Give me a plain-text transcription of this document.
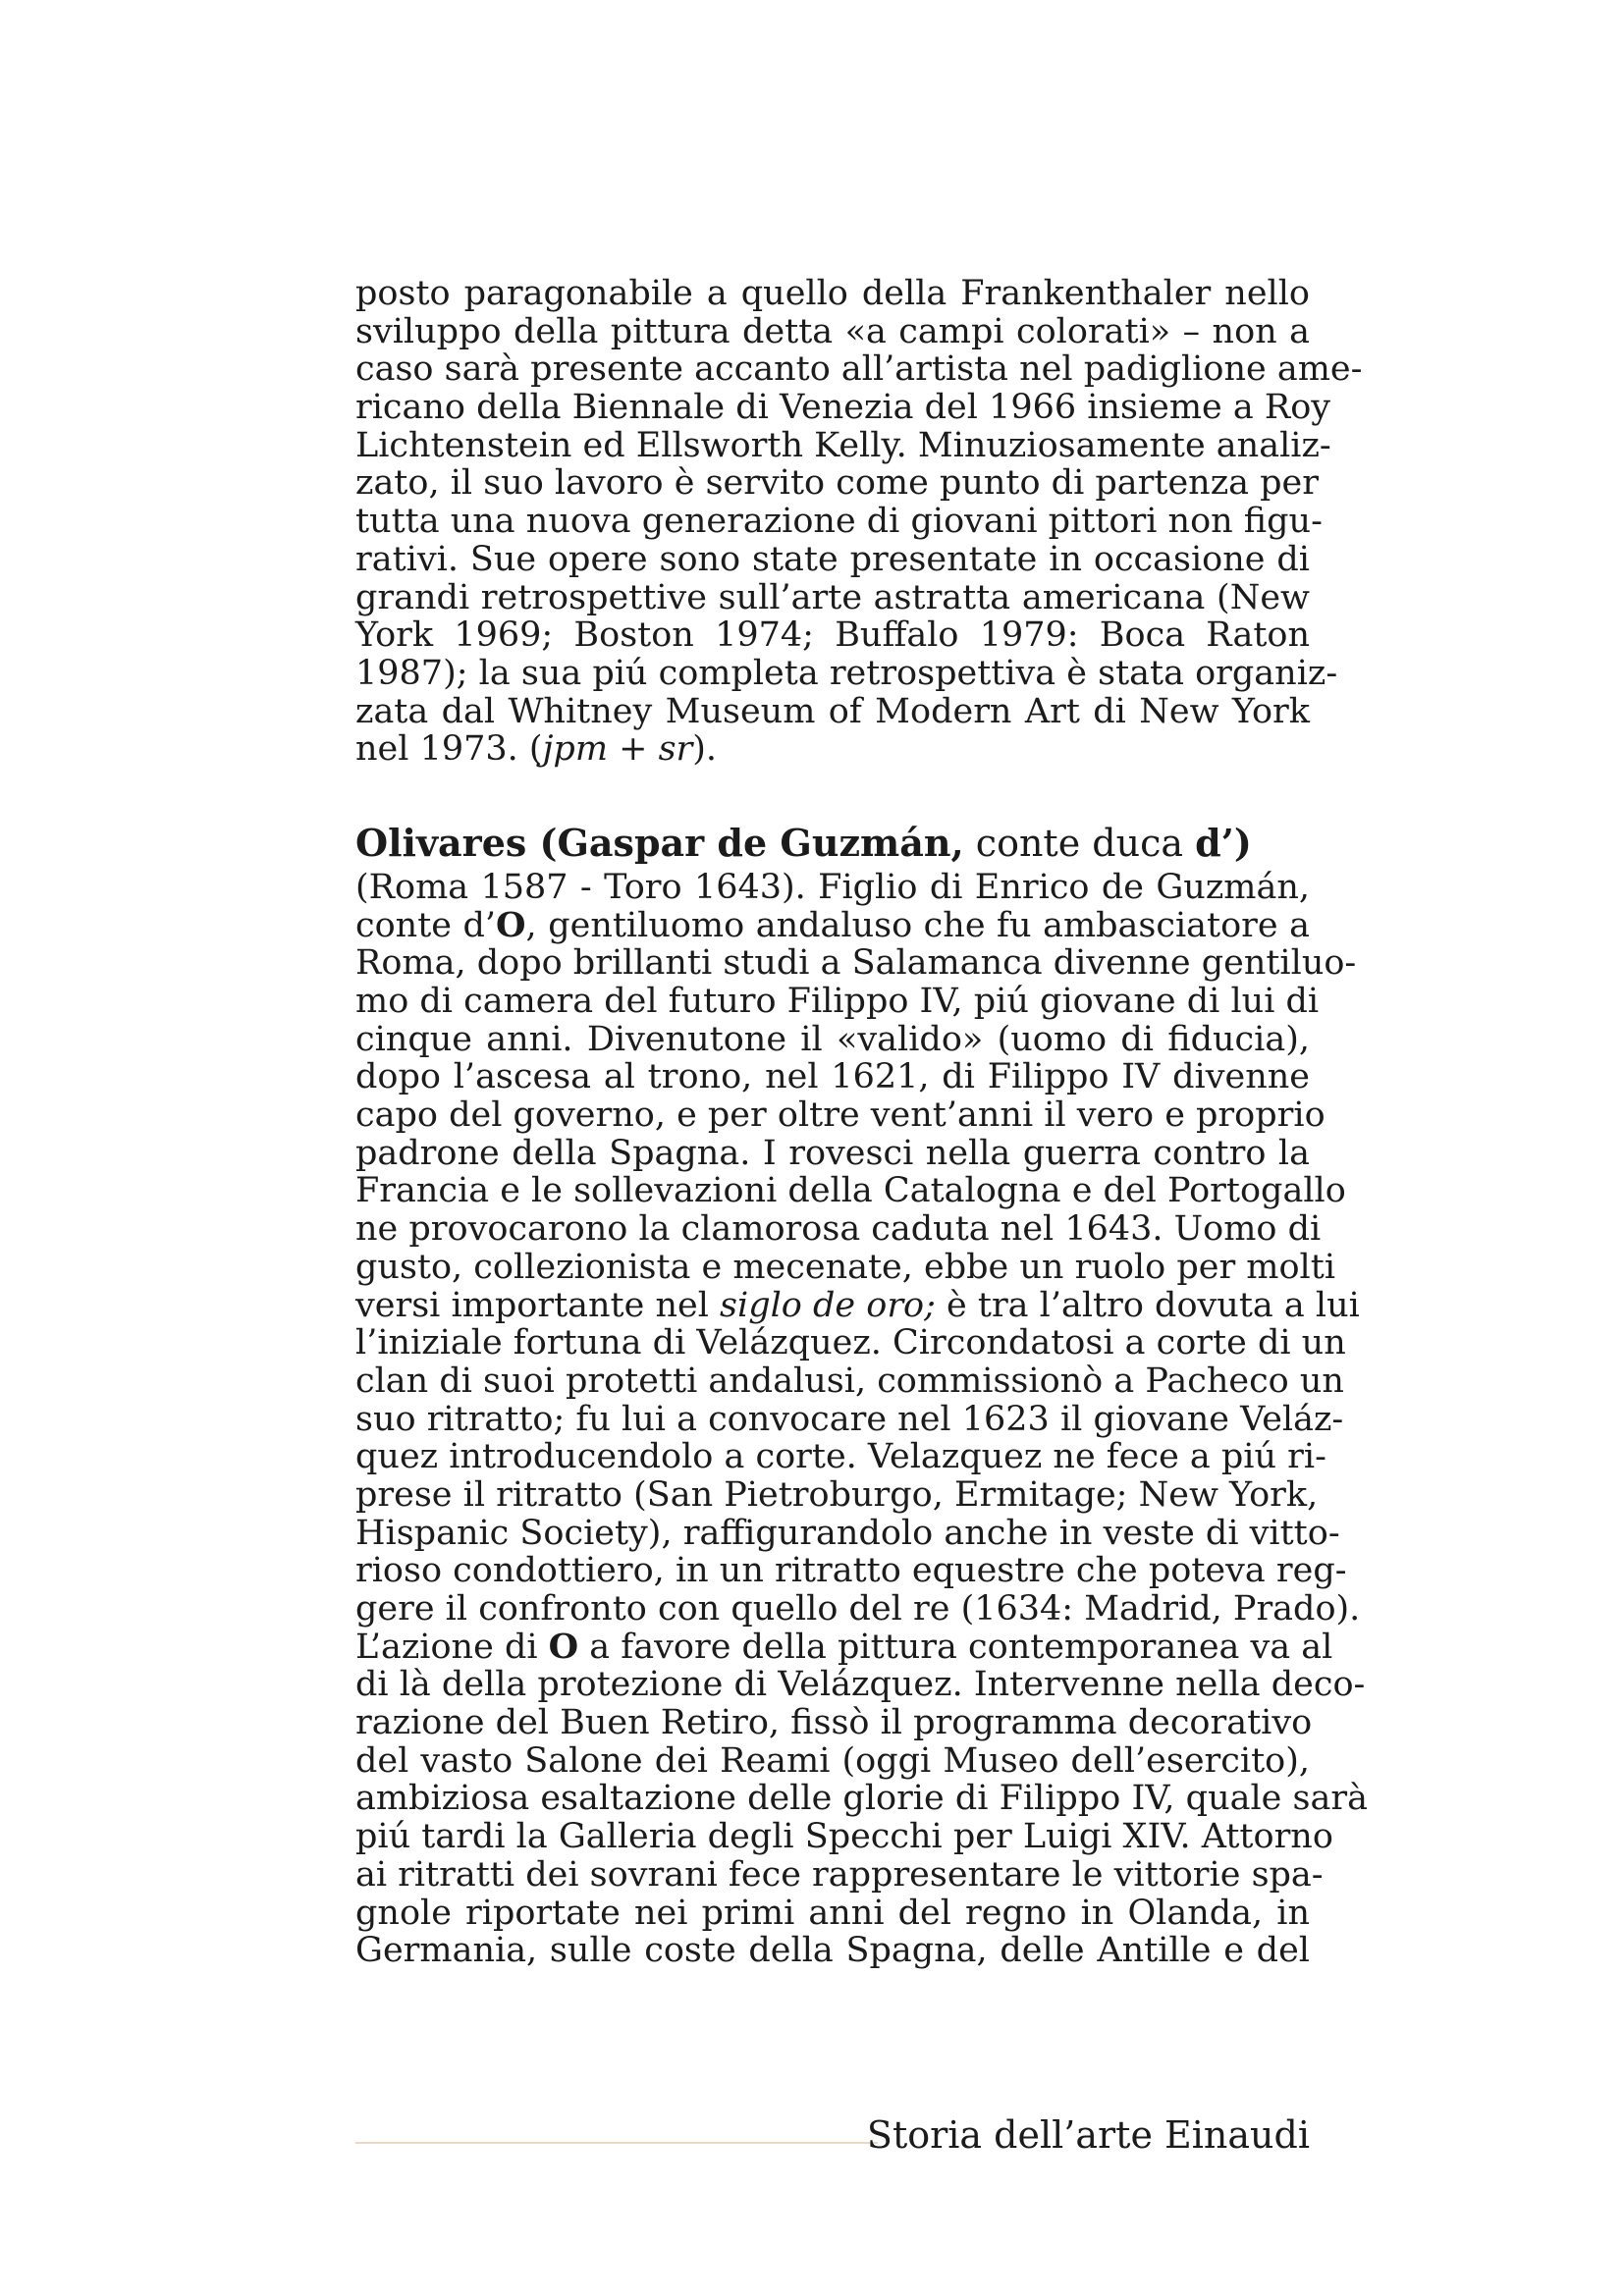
posto paragonabile a quello della Frankenthaler nello
sviluppo della pittura detta «a campi colorati» – non a
caso sarà presente accanto all’artista nel padiglione ame-
ricano della Biennale di Venezia del 1966 insieme a Roy
Lichtenstein ed Ellsworth Kelly. Minuziosamente analiz-
zato, il suo lavoro è servito come punto di partenza per
tutta una nuova generazione di giovani pittori non figu-
rativi. Sue opere sono state presentate in occasione di
grandi retrospettive sull’arte astratta americana (New
York 1969; Boston 1974; Buffalo 1979: Boca Raton
1987); la sua piú completa retrospettiva è stata organiz-
zata dal Whitney Museum of Modern Art di New York
nel 1973. (jpm + sr).
Olivares (Gaspar de Guzmán, conte duca d’)
(Roma 1587 - Toro 1643). Figlio di Enrico de Guzmán,
conte d’O, gentiluomo andaluso che fu ambasciatore a
Roma, dopo brillanti studi a Salamanca divenne gentiluo-
mo di camera del futuro Filippo IV, piú giovane di lui di
cinque anni. Divenutone il «valido» (uomo di fiducia),
dopo l’ascesa al trono, nel 1621, di Filippo IV divenne
capo del governo, e per oltre vent’anni il vero e proprio
padrone della Spagna. I rovesci nella guerra contro la
Francia e le sollevazioni della Catalogna e del Portogallo
ne provocarono la clamorosa caduta nel 1643. Uomo di
gusto, collezionista e mecenate, ebbe un ruolo per molti
versi importante nel siglo de oro; è tra l’altro dovuta a lui
l’iniziale fortuna di Velázquez. Circondatosi a corte di un
clan di suoi protetti andalusi, commissionò a Pacheco un
suo ritratto; fu lui a convocare nel 1623 il giovane Veláz-
quez introducendolo a corte. Velazquez ne fece a piú ri-
prese il ritratto (San Pietroburgo, Ermitage; New York,
Hispanic Society), raffigurandolo anche in veste di vitto-
rioso condottiero, in un ritratto equestre che poteva reg-
gere il confronto con quello del re (1634: Madrid, Prado).
L’azione di O a favore della pittura contemporanea va al
di là della protezione di Velázquez. Intervenne nella deco-
razione del Buen Retiro, fissò il programma decorativo
del vasto Salone dei Reami (oggi Museo dell’esercito),
ambiziosa esaltazione delle glorie di Filippo IV, quale sarà
piú tardi la Galleria degli Specchi per Luigi XIV. Attorno
ai ritratti dei sovrani fece rappresentare le vittorie spa-
gnole riportate nei primi anni del regno in Olanda, in
Germania, sulle coste della Spagna, delle Antille e del
Storia dell’arte Einaudi
